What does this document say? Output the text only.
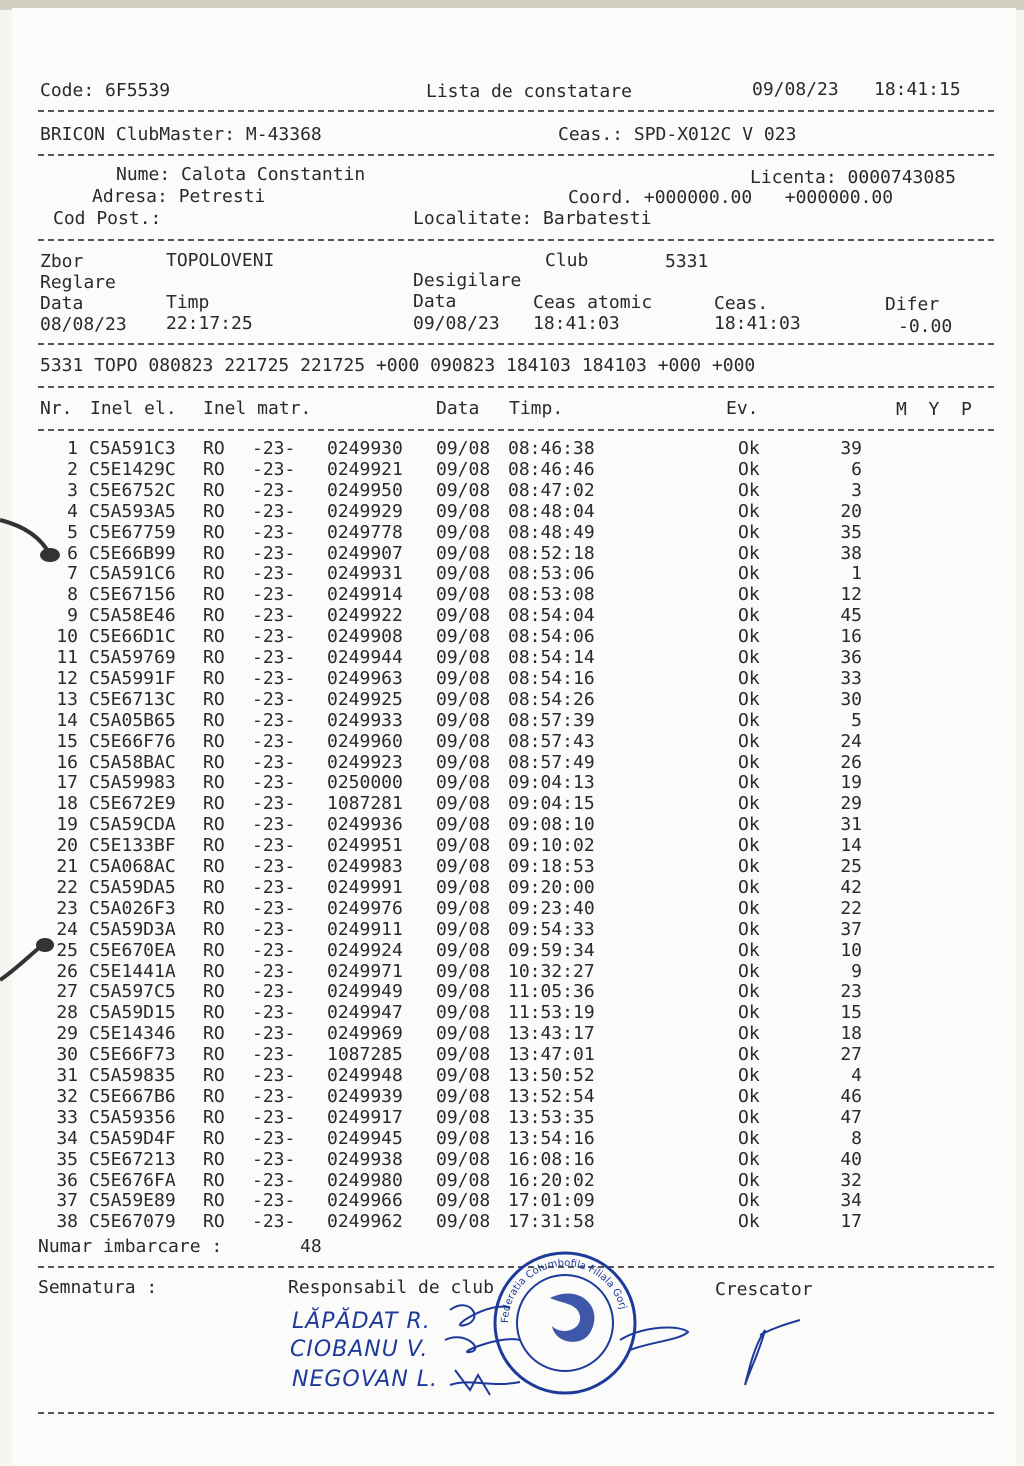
Code: 6F5539	Lista de constatare	09/08/23 18:41:15
BRICON ClubMaster: M-43368	Ceas.: SPD-X012C V 023
Nume: Calota Constantin	Licenta: 0000743085
Adresa: Petresti	Coord. +000000.00   +000000.00
Cod Post.:	Localitate: Barbatesti
Zbor	TOPOLOVENI	Club	5331
Reglare	Desigilare
Data	Timp	Data	Ceas atomic	Ceas.	Difer
08/08/23 22:17:25	09/08/23 18:41:03	18:41:03	-0.00
5331 TOPO 080823 221725 221725 +000 090823 184103 184103 +000 +000
Nr. Inel el. Inel matr.	Data Timp.	Ev.	M  Y  P
1 C5A591C3 RO -23- 0249930 09/08 08:46:38	Ok	39
2 C5E1429C RO -23- 0249921 09/08 08:46:46	Ok	6
3 C5E6752C RO -23- 0249950 09/08 08:47:02	Ok	3
4 C5A593A5 RO -23- 0249929 09/08 08:48:04	Ok	20
5 C5E67759 RO -23- 0249778 09/08 08:48:49	Ok	35
6 C5E66B99 RO -23- 0249907 09/08 08:52:18	Ok	38
7 C5A591C6 RO -23- 0249931 09/08 08:53:06	Ok	1
8 C5E67156 RO -23- 0249914 09/08 08:53:08	Ok	12
9 C5A58E46 RO -23- 0249922 09/08 08:54:04	Ok	45
10 C5E66D1C RO -23- 0249908 09/08 08:54:06	Ok	16
11 C5A59769 RO -23- 0249944 09/08 08:54:14	Ok	36
12 C5A5991F RO -23- 0249963 09/08 08:54:16	Ok	33
13 C5E6713C RO -23- 0249925 09/08 08:54:26	Ok	30
14 C5A05B65 RO -23- 0249933 09/08 08:57:39	Ok	5
15 C5E66F76 RO -23- 0249960 09/08 08:57:43	Ok	24
16 C5A58BAC RO -23- 0249923 09/08 08:57:49	Ok	26
17 C5A59983 RO -23- 0250000 09/08 09:04:13	Ok	19
18 C5E672E9 RO -23- 1087281 09/08 09:04:15	Ok	29
19 C5A59CDA RO -23- 0249936 09/08 09:08:10	Ok	31
20 C5E133BF RO -23- 0249951 09/08 09:10:02	Ok	14
21 C5A068AC RO -23- 0249983 09/08 09:18:53	Ok	25
22 C5A59DA5 RO -23- 0249991 09/08 09:20:00	Ok	42
23 C5A026F3 RO -23- 0249976 09/08 09:23:40	Ok	22
24 C5A59D3A RO -23- 0249911 09/08 09:54:33	Ok	37
25 C5E670EA RO -23- 0249924 09/08 09:59:34	Ok	10
26 C5E1441A RO -23- 0249971 09/08 10:32:27	Ok	9
27 C5A597C5 RO -23- 0249949 09/08 11:05:36	Ok	23
28 C5A59D15 RO -23- 0249947 09/08 11:53:19	Ok	15
29 C5E14346 RO -23- 0249969 09/08 13:43:17	Ok	18
30 C5E66F73 RO -23- 1087285 09/08 13:47:01	Ok	27
31 C5A59835 RO -23- 0249948 09/08 13:50:52	Ok	4
32 C5E667B6 RO -23- 0249939 09/08 13:52:54	Ok	46
33 C5A59356 RO -23- 0249917 09/08 13:53:35	Ok	47
34 C5A59D4F RO -23- 0249945 09/08 13:54:16	Ok	8
35 C5E67213 RO -23- 0249938 09/08 16:08:16	Ok	40
36 C5E676FA RO -23- 0249980 09/08 16:20:02	Ok	32
37 C5A59E89 RO -23- 0249966 09/08 17:01:09	Ok	34
38 C5E67079 RO -23- 0249962 09/08 17:31:58	Ok	17
Numar imbarcare :	48
Semnatura :	Responsabil de club	Crescator
LĂPĂDAT R.
CIOBANU V.
NEGOVAN L.
Federatia Columbofila Filiala Gorj
